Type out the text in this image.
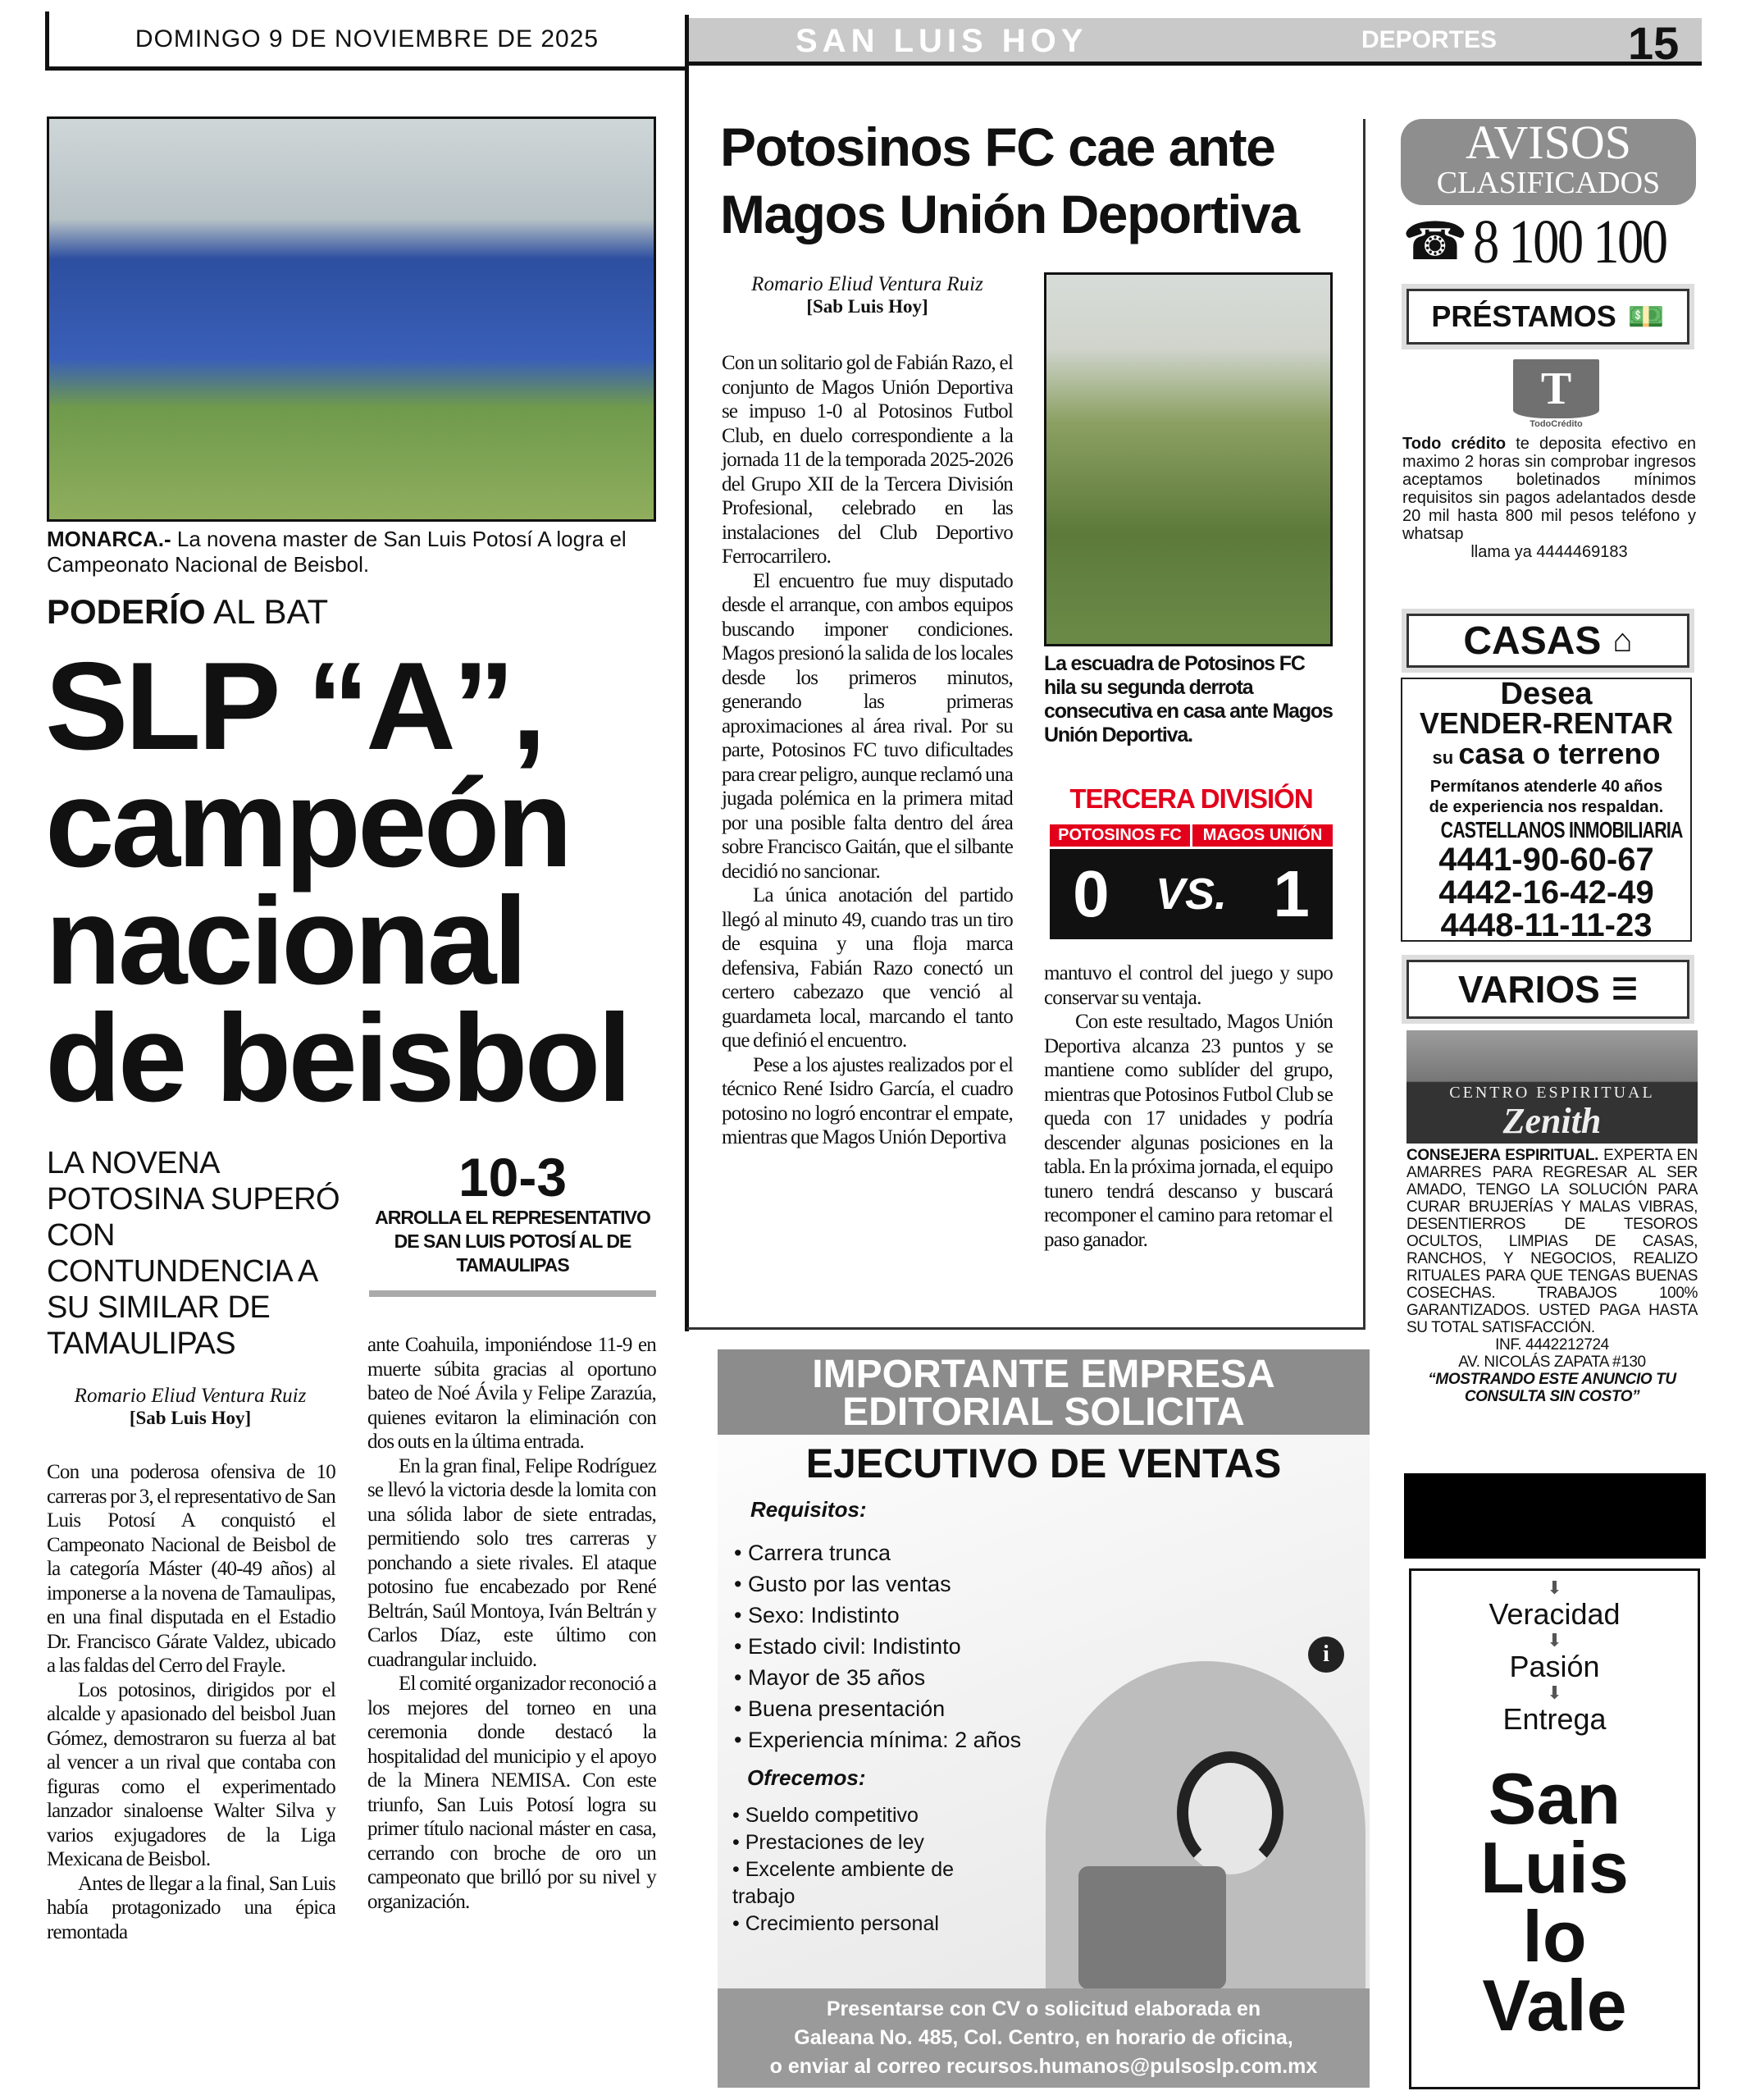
DOMINGO 9 DE NOVIEMBRE DE 2025	SAN LUIS HOY	DEPORTES	15
MONARCA.- La novena master de San Luis Potosí A logra el Campeonato Nacional de Beisbol.
PODERÍO AL BAT
SLP “A”,
campeón
nacional
de beisbol
LA NOVENA POTOSINA SUPERÓ CON CONTUNDENCIA A SU SIMILAR DE TAMAULIPAS
10-3
ARROLLA EL REPRESENTATIVO DE SAN LUIS POTOSÍ AL DE TAMAULIPAS
Romario Eliud Ventura Ruiz
[Sab Luis Hoy]

Con una poderosa ofensiva de 10 carreras por 3, el representativo de San Luis Potosí A conquistó el Campeonato Nacional de Beisbol de la categoría Máster (40-49 años) al imponerse a la novena de Tamaulipas, en una final disputada en el Estadio Dr. Francisco Gárate Valdez, ubicado a las faldas del Cerro del Frayle.

Los potosinos, dirigidos por el alcalde y apasionado del beisbol Juan Gómez, demostraron su fuerza al bat al vencer a un rival que contaba con figuras como el experimentado lanzador sinaloense Walter Silva y varios exjugadores de la Liga Mexicana de Beisbol.

Antes de llegar a la final, San Luis había protagonizado una épica remontada

ante Coahuila, imponiéndose 11-9 en muerte súbita gracias al oportuno bateo de Noé Ávila y Felipe Zarazúa, quienes evitaron la eliminación con dos outs en la última entrada.

En la gran final, Felipe Rodríguez se llevó la victoria desde la lomita con una sólida labor de siete entradas, permitiendo solo tres carreras y ponchando a siete rivales. El ataque potosino fue encabezado por René Beltrán, Saúl Montoya, Iván Beltrán y Carlos Díaz, este último con cuadrangular incluido.

El comité organizador reconoció a los mejores del torneo en una ceremonia donde destacó la hospitalidad del municipio y el apoyo de la Minera NEMISA. Con este triunfo, San Luis Potosí logra su primer título nacional máster en casa, cerrando con broche de oro un campeonato que brilló por su nivel y organización.

Potosinos FC cae ante Magos Unión Deportiva
Romario Eliud Ventura Ruiz
[Sab Luis Hoy]

Con un solitario gol de Fabián Razo, el conjunto de Magos Unión Deportiva se impuso 1-0 al Potosinos Futbol Club, en duelo correspondiente a la jornada 11 de la temporada 2025-2026 del Grupo XII de la Tercera División Profesional, celebrado en las instalaciones del Club Deportivo Ferrocarrilero.

El encuentro fue muy disputado desde el arranque, con ambos equipos buscando imponer condiciones. Magos presionó la salida de los locales desde los primeros minutos, generando las primeras aproximaciones al área rival. Por su parte, Potosinos FC tuvo dificultades para crear peligro, aunque reclamó una jugada polémica en la primera mitad por una posible falta dentro del área sobre Francisco Gaitán, que el silbante decidió no sancionar.

La única anotación del partido llegó al minuto 49, cuando tras un tiro de esquina y una floja marca defensiva, Fabián Razo conectó un certero cabezazo que venció al guardameta local, marcando el tanto que definió el encuentro.

Pese a los ajustes realizados por el técnico René Isidro García, el cuadro potosino no logró encontrar el empate, mientras que Magos Unión Deportiva

La escuadra de Potosinos FC hila su segunda derrota consecutiva en casa ante Magos Unión Deportiva.
TERCERA DIVISIÓN
POTOSINOS FC	MAGOS UNIÓN
0 VS. 1

mantuvo el control del juego y supo conservar su ventaja.

Con este resultado, Magos Unión Deportiva alcanza 23 puntos y se mantiene como sublíder del grupo, mientras que Potosinos Futbol Club se queda con 17 unidades y podría descender algunas posiciones en la tabla. En la próxima jornada, el equipo tunero tendrá descanso y buscará recomponer el camino para retomar el paso ganador.

IMPORTANTE EMPRESA
EDITORIAL SOLICITA
EJECUTIVO DE VENTAS
Requisitos:
• Carrera trunca
• Gusto por las ventas
• Sexo: Indistinto
• Estado civil: Indistinto
• Mayor de 35 años
• Buena presentación
• Experiencia mínima: 2 años
Ofrecemos:
• Sueldo competitivo
• Prestaciones de ley
• Excelente ambiente de trabajo
• Crecimiento personal
i
Presentarse con CV o solicitud elaborada en
Galeana No. 485, Col. Centro, en horario de oficina,
o enviar al correo recursos.humanos@pulsoslp.com.mx
AVISOS
CLASIFICADOS
☎ 8 100 100
PRÉSTAMOS 💵
T
TodoCrédito
Todo crédito te deposita efectivo en maximo 2 horas sin comprobar ingresos aceptamos boletinados mínimos requisitos sin pagos adelantados desde 20 mil hasta 800 mil pesos teléfono y whatsap
llama ya 4444469183
CASAS ⌂
Desea
VENDER-RENTAR
su casa o terreno
Permítanos atenderle 40 años
de experiencia nos respaldan.
CASTELLANOS INMOBILIARIA
4441-90-60-67
4442-16-42-49
4448-11-11-23
VARIOS ☰
CENTRO ESPIRITUAL
Zenith
CONSEJERA ESPIRITUAL. EXPERTA EN AMARRES PARA REGRESAR AL SER AMADO, TENGO LA SOLUCIÓN PARA CURAR BRUJERÍAS Y MALAS VIBRAS, DESENTIERROS DE TESOROS OCULTOS, LIMPIAS DE CASAS, RANCHOS, Y NEGOCIOS, REALIZO RITUALES PARA QUE TENGAS BUENAS COSECHAS. TRABAJOS 100% GARANTIZADOS. USTED PAGA HASTA SU TOTAL SATISFACCIÓN.
INF. 4442212724
AV. NICOLÁS ZAPATA #130
“MOSTRANDO ESTE ANUNCIO TU CONSULTA SIN COSTO”
⬇
Veracidad
⬇
Pasión
⬇
Entrega
San
Luis
lo
Vale
